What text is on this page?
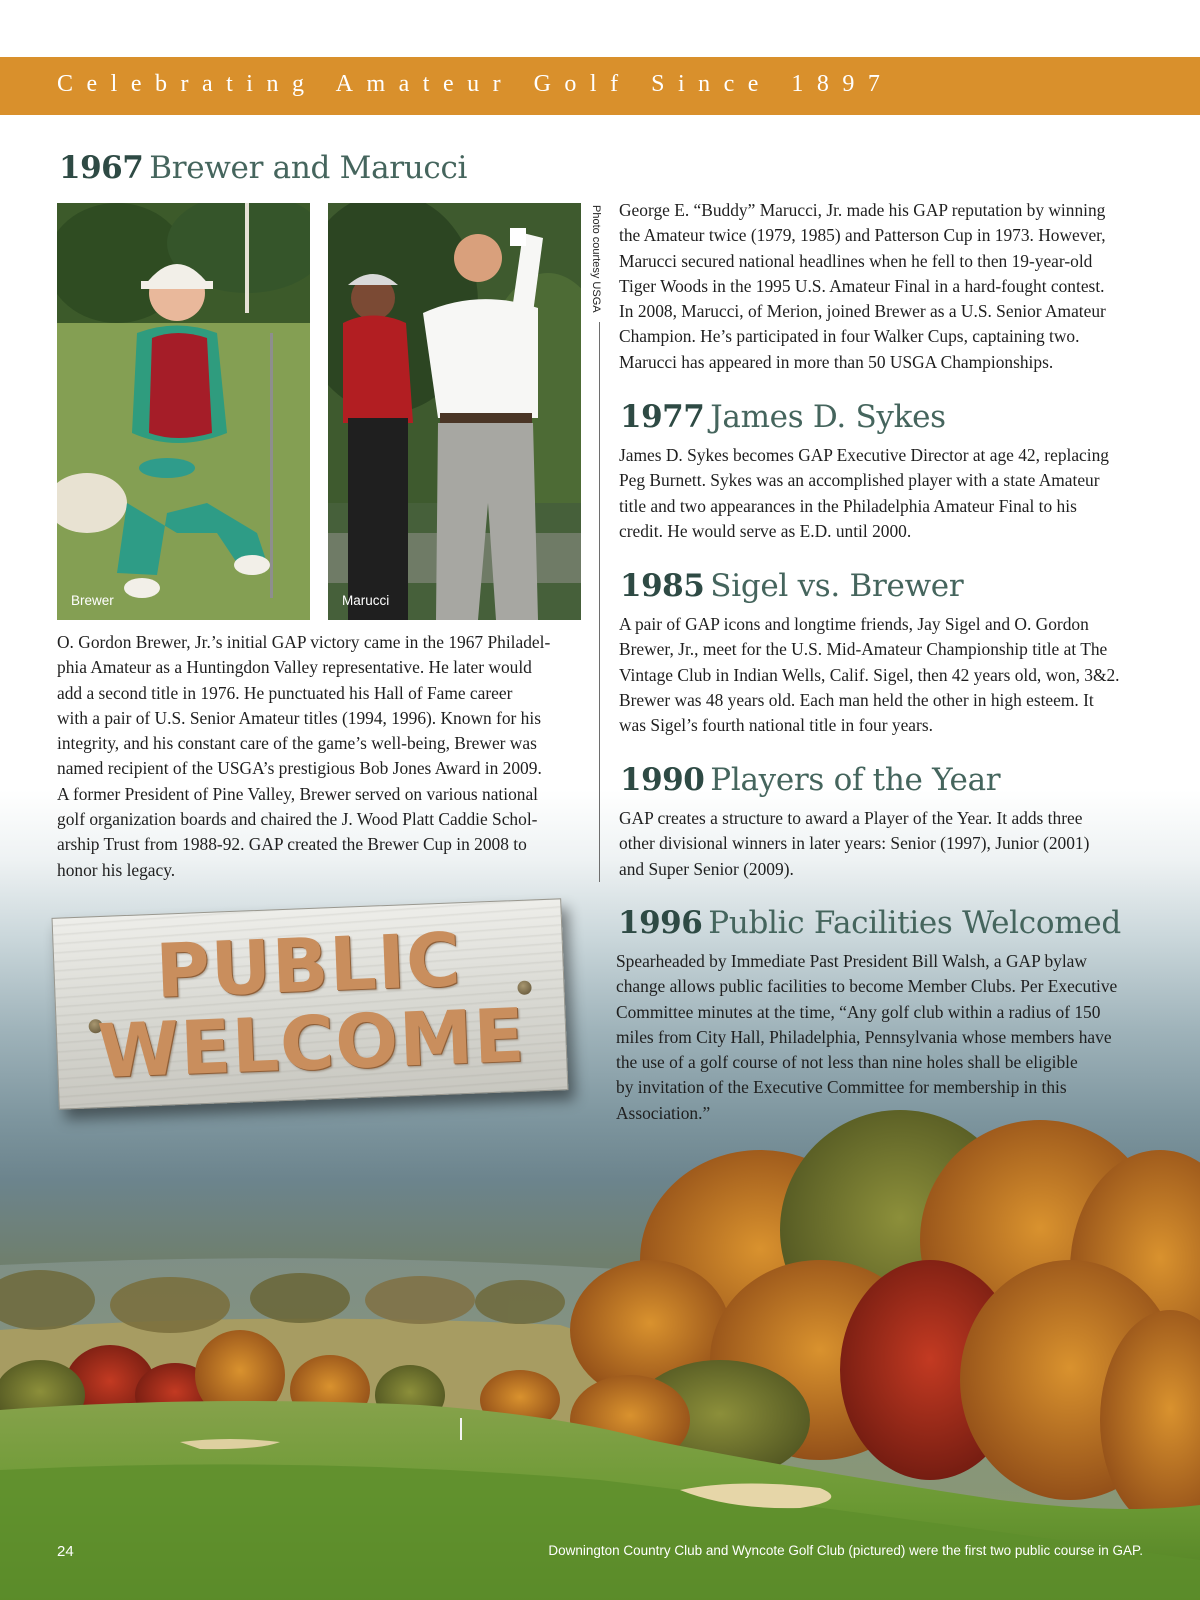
Celebrating Amateur Golf Since 1897
1967 Brewer and Marucci
Brewer	Marucci
Photo courtesy USGA
O. Gordon Brewer, Jr.’s initial GAP victory came in the 1967 Philadel-
phia Amateur as a Huntingdon Valley representative. He later would
add a second title in 1976. He punctuated his Hall of Fame career
with a pair of U.S. Senior Amateur titles (1994, 1996). Known for his
integrity, and his constant care of the game’s well-being, Brewer was
named recipient of the USGA’s prestigious Bob Jones Award in 2009.
A former President of Pine Valley, Brewer served on various national
golf organization boards and chaired the J. Wood Platt Caddie Schol-
arship Trust from 1988-92. GAP created the Brewer Cup in 2008 to
honor his legacy.
George E. “Buddy” Marucci, Jr. made his GAP reputation by winning
the Amateur twice (1979, 1985) and Patterson Cup in 1973. However,
Marucci secured national headlines when he fell to then 19-year-old
Tiger Woods in the 1995 U.S. Amateur Final in a hard-fought contest.
In 2008, Marucci, of Merion, joined Brewer as a U.S. Senior Amateur
Champion. He’s participated in four Walker Cups, captaining two.
Marucci has appeared in more than 50 USGA Championships.
1977 James D. Sykes
James D. Sykes becomes GAP Executive Director at age 42, replacing
Peg Burnett. Sykes was an accomplished player with a state Amateur
title and two appearances in the Philadelphia Amateur Final to his
credit. He would serve as E.D. until 2000.
1985 Sigel vs. Brewer
A pair of GAP icons and longtime friends, Jay Sigel and O. Gordon
Brewer, Jr., meet for the U.S. Mid-Amateur Championship title at The
Vintage Club in Indian Wells, Calif. Sigel, then 42 years old, won, 3&2.
Brewer was 48 years old. Each man held the other in high esteem. It
was Sigel’s fourth national title in four years.
1990 Players of the Year
GAP creates a structure to award a Player of the Year. It adds three
other divisional winners in later years: Senior (1997), Junior (2001)
and Super Senior (2009).
1996 Public Facilities Welcomed
Spearheaded by Immediate Past President Bill Walsh, a GAP bylaw
change allows public facilities to become Member Clubs. Per Executive
Committee minutes at the time, “Any golf club within a radius of 150
miles from City Hall, Philadelphia, Pennsylvania whose members have
the use of a golf course of not less than nine holes shall be eligible
by invitation of the Executive Committee for membership in this
Association.”
PUBLIC
WELCOME
24	Downington Country Club and Wyncote Golf Club (pictured) were the first two public course in GAP.
